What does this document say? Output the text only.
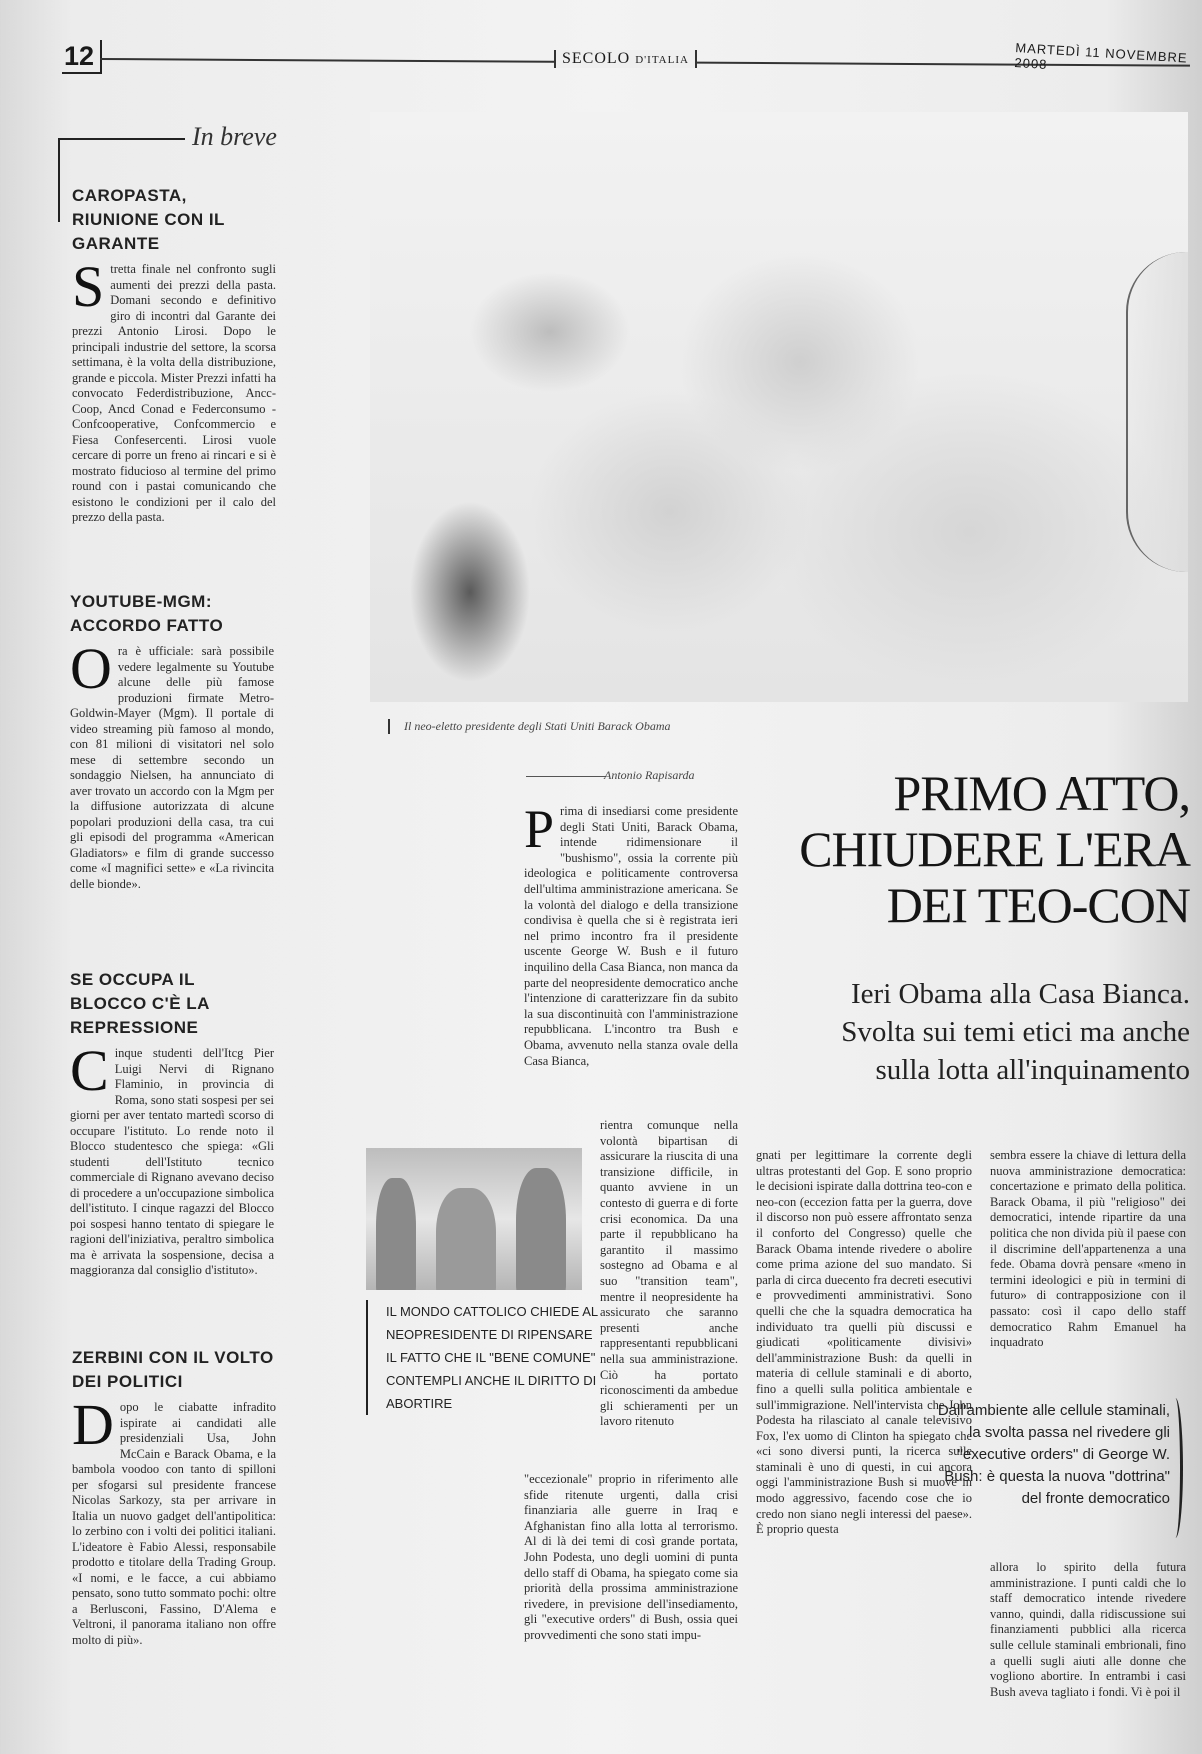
12	SECOLO D'ITALIA	MARTEDÌ 11 NOVEMBRE 2008
In breve
CAROPASTA, RIUNIONE CON IL GARANTE
Stretta finale nel confronto sugli aumenti dei prezzi della pasta. Domani secondo e definitivo giro di incontri dal Garante dei prezzi Antonio Lirosi. Dopo le principali industrie del settore, la scorsa settimana, è la volta della distribuzione, grande e piccola. Mister Prezzi infatti ha convocato Federdistribuzione, Ancc-Coop, Ancd Conad e Federconsumo - Confcooperative, Confcommercio e Fiesa Confesercenti. Lirosi vuole cercare di porre un freno ai rincari e si è mostrato fiducioso al termine del primo round con i pastai comunicando che esistono le condizioni per il calo del prezzo della pasta.
YOUTUBE-MGM: ACCORDO FATTO
Ora è ufficiale: sarà possibile vedere legalmente su Youtube alcune delle più famose produzioni firmate Metro-Goldwin-Mayer (Mgm). Il portale di video streaming più famoso al mondo, con 81 milioni di visitatori nel solo mese di settembre secondo un sondaggio Nielsen, ha annunciato di aver trovato un accordo con la Mgm per la diffusione autorizzata di alcune popolari produzioni della casa, tra cui gli episodi del programma «American Gladiators» e film di grande successo come «I magnifici sette» e «La rivincita delle bionde».
SE OCCUPA IL BLOCCO C'È LA REPRESSIONE
Cinque studenti dell'Itcg Pier Luigi Nervi di Rignano Flaminio, in provincia di Roma, sono stati sospesi per sei giorni per aver tentato martedì scorso di occupare l'istituto. Lo rende noto il Blocco studentesco che spiega: «Gli studenti dell'Istituto tecnico commerciale di Rignano avevano deciso di procedere a un'occupazione simbolica dell'istituto. I cinque ragazzi del Blocco poi sospesi hanno tentato di spiegare le ragioni dell'iniziativa, peraltro simbolica ma è arrivata la sospensione, decisa a maggioranza dal consiglio d'istituto».
ZERBINI CON IL VOLTO DEI POLITICI
Dopo le ciabatte infradito ispirate ai candidati alle presidenziali Usa, John McCain e Barack Obama, e la bambola voodoo con tanto di spilloni per sfogarsi sul presidente francese Nicolas Sarkozy, sta per arrivare in Italia un nuovo gadget dell'antipolitica: lo zerbino con i volti dei politici italiani. L'ideatore è Fabio Alessi, responsabile prodotto e titolare della Trading Group. «I nomi, e le facce, a cui abbiamo pensato, sono tutto sommato pochi: oltre a Berlusconi, Fassino, D'Alema e Veltroni, il panorama italiano non offre molto di più».
Il neo-eletto presidente degli Stati Uniti Barack Obama
Antonio Rapisarda	PRIMO ATTO,
CHIUDERE L'ERA
DEI TEO-CON
Ieri Obama alla Casa Bianca.
Svolta sui temi etici ma anche
sulla lotta all'inquinamento
Prima di insediarsi come presidente degli Stati Uniti, Barack Obama, intende ridimensionare il "bushismo", ossia la corrente più ideologica e politicamente controversa dell'ultima amministrazione americana. Se la volontà del dialogo e della transizione condivisa è quella che si è registrata ieri nel primo incontro fra il presidente uscente George W. Bush e il futuro inquilino della Casa Bianca, non manca da parte del neopresidente democratico anche l'intenzione di caratterizzare fin da subito la sua discontinuità con l'amministrazione repubblicana. L'incontro tra Bush e Obama, avvenuto nella stanza ovale della Casa Bianca,
rientra comunque nella volontà bipartisan di assicurare la riuscita di una transizione difficile, in quanto avviene in un contesto di guerra e di forte crisi economica. Da una parte il repubblicano ha garantito il massimo sostegno ad Obama e al suo "transition team", mentre il neopresidente ha assicurato che saranno presenti anche rappresentanti repubblicani nella sua amministrazione. Ciò ha portato riconoscimenti da ambedue gli schieramenti per un lavoro ritenuto
"eccezionale" proprio in riferimento alle sfide ritenute urgenti, dalla crisi finanziaria alle guerre in Iraq e Afghanistan fino alla lotta al terrorismo. Al di là dei temi di così grande portata, John Podesta, uno degli uomini di punta dello staff di Obama, ha spiegato come sia priorità della prossima amministrazione rivedere, in previsione dell'insediamento, gli "executive orders" di Bush, ossia quei provvedimenti che sono stati impu-
gnati per legittimare la corrente degli ultras protestanti del Gop. E sono proprio le decisioni ispirate dalla dottrina teo-con e neo-con (eccezion fatta per la guerra, dove il discorso non può essere affrontato senza il conforto del Congresso) quelle che Barack Obama intende rivedere o abolire come prima azione del suo mandato. Si parla di circa duecento fra decreti esecutivi e provvedimenti amministrativi. Sono quelli che che la squadra democratica ha individuato tra quelli più discussi e giudicati «politicamente divisivi» dell'amministrazione Bush: da quelli in materia di cellule staminali e di aborto, fino a quelli sulla politica ambientale e sull'immigrazione. Nell'intervista che John Podesta ha rilasciato al canale televisivo Fox, l'ex uomo di Clinton ha spiegato che «ci sono diversi punti, la ricerca sulle staminali è uno di questi, in cui ancora oggi l'amministrazione Bush si muove in modo aggressivo, facendo cose che io credo non siano negli interessi del paese». È proprio questa
sembra essere la chiave di lettura della nuova amministrazione democratica: concertazione e primato della politica. Barack Obama, il più "religioso" dei democratici, intende ripartire da una politica che non divida più il paese con il discrimine dell'appartenenza a una fede. Obama dovrà pensare «meno in termini ideologici e più in termini di futuro» di contrapposizione con il passato: così il capo dello staff democratico Rahm Emanuel ha inquadrato
allora lo spirito della futura amministrazione. I punti caldi che lo staff democratico intende rivedere vanno, quindi, dalla ridiscussione sui finanziamenti pubblici alla ricerca sulle cellule staminali embrionali, fino a quelli sugli aiuti alle donne che vogliono abortire. In entrambi i casi Bush aveva tagliato i fondi. Vi è poi il
IL MONDO CATTOLICO CHIEDE AL NEOPRESIDENTE DI RIPENSARE IL FATTO CHE IL "BENE COMUNE" CONTEMPLI ANCHE IL DIRITTO DI ABORTIRE	Dall'ambiente alle cellule staminali, la svolta passa nel rivedere gli "executive orders" di George W. Bush: è questa la nuova "dottrina" del fronte democratico
